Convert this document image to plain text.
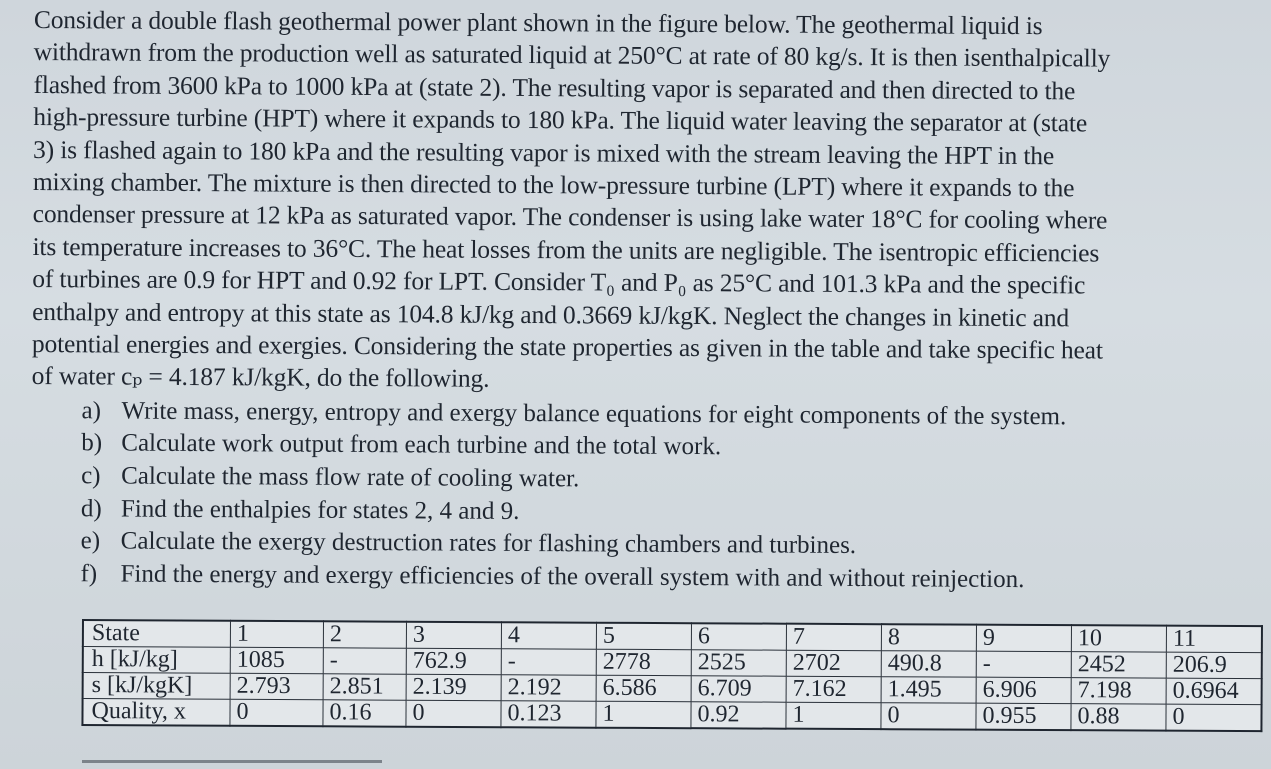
Consider a double flash geothermal power plant shown in the figure below. The geothermal liquid is

withdrawn from the production well as saturated liquid at 250°C at rate of 80 kg/s. It is then isenthalpically

flashed from 3600 kPa to 1000 kPa at (state 2). The resulting vapor is separated and then directed to the

high-pressure turbine (HPT) where it expands to 180 kPa. The liquid water leaving the separator at (state

3) is flashed again to 180 kPa and the resulting vapor is mixed with the stream leaving the HPT in the

mixing chamber. The mixture is then directed to the low-pressure turbine (LPT) where it expands to the

condenser pressure at 12 kPa as saturated vapor. The condenser is using lake water 18°C for cooling where

its temperature increases to 36°C. The heat losses from the units are negligible. The isentropic efficiencies

of turbines are 0.9 for HPT and 0.92 for LPT. Consider T₀ and P₀ as 25°C and 101.3 kPa and the specific

enthalpy and entropy at this state as 104.8 kJ/kg and 0.3669 kJ/kgK. Neglect the changes in kinetic and

potential energies and exergies. Considering the state properties as given in the table and take specific heat

of water cₚ = 4.187 kJ/kgK, do the following.

a) Write mass, energy, entropy and exergy balance equations for eight components of the system.
b) Calculate work output from each turbine and the total work.
c) Calculate the mass flow rate of cooling water.
d) Find the enthalpies for states 2, 4 and 9.
e) Calculate the exergy destruction rates for flashing chambers and turbines.
f) Find the energy and exergy efficiencies of the overall system with and without reinjection.
State	1	2	3	4	5	6	7	8	9	10	11
h [kJ/kg]	1085	-	762.9	-	2778	2525	2702	490.8	-	2452	206.9
s [kJ/kgK]	2.793	2.851	2.139	2.192	6.586	6.709	7.162	1.495	6.906	7.198	0.6964
Quality, x	0	0.16	0	0.123	1	0.92	1	0	0.955	0.88	0
